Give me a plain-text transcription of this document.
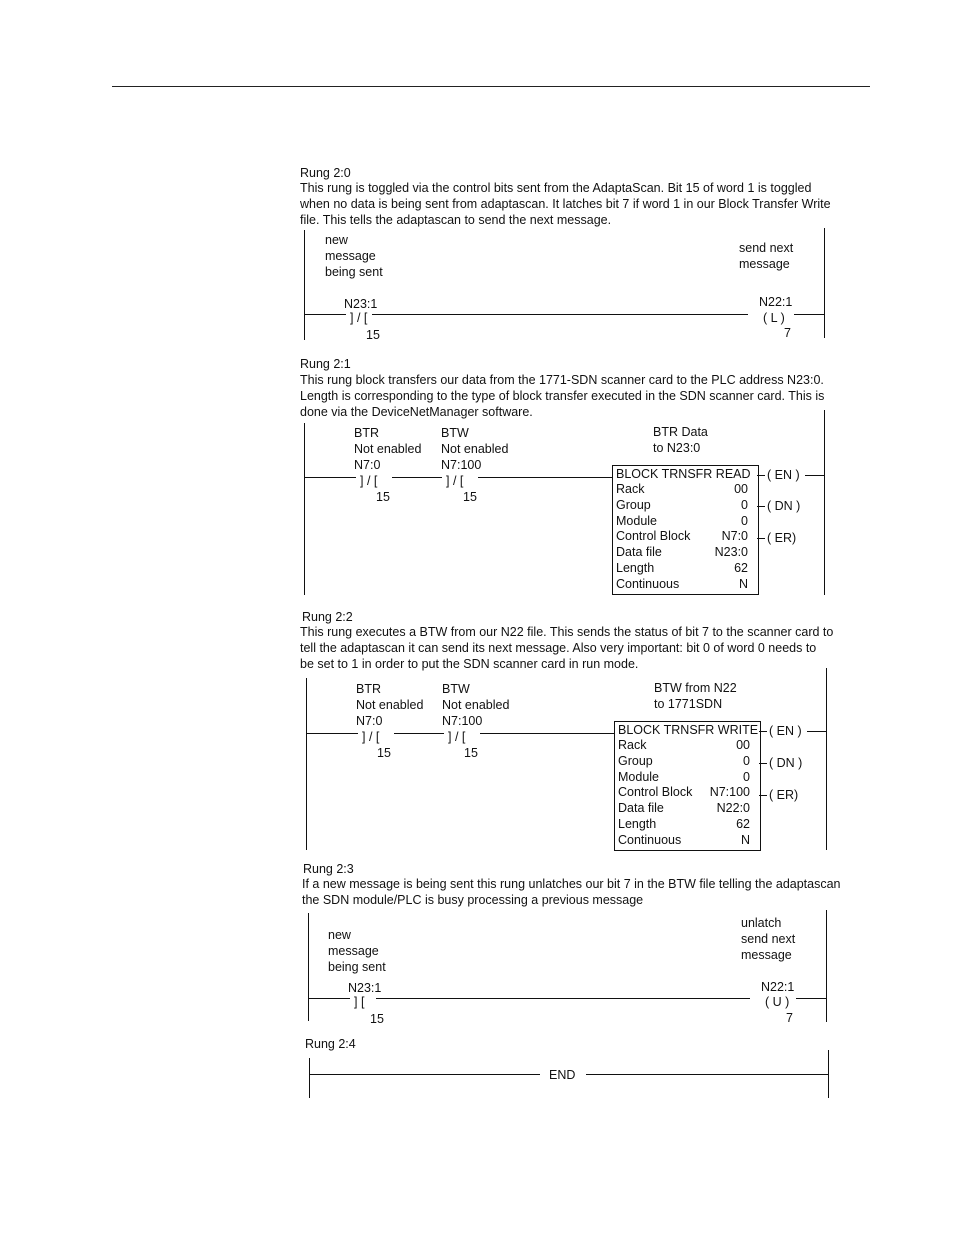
Rung 2:0
This rung is toggled via the control bits sent from the AdaptaScan. Bit 15 of word 1 is toggled
when no data is being sent from adaptascan. It latches bit 7 if word 1 in our Block Transfer Write
file. This tells the adaptascan to send the next message.
new
message
being sent
send next
message
N23:1	N22:1
] / [	( L )
15	7
Rung 2:1
This rung block transfers our data from the 1771-SDN scanner card to the PLC address N23:0.
Length is corresponding to the type of block transfer executed in the SDN scanner card. This is
done via the DeviceNetManager software.
BTR
Not enabled
N7:0
BTW
Not enabled
N7:100
BTR Data
to N23:0
] / [	] / [
15	15
BLOCK TRNSFR READ
Rack	00
Group	0
Module	0
Control Block	N7:0
Data file	N23:0
Length	62
Continuous	N
( EN )
( DN )
( ER)
Rung 2:2
This rung executes a BTW from our N22 file. This sends the status of bit 7 to the scanner card to
tell the adaptascan it can send its next message. Also very important: bit 0 of word 0 needs to
be set to 1 in order to put the SDN scanner card in run mode.
BTR
Not enabled
N7:0
BTW
Not enabled
N7:100
BTW from N22
to 1771SDN
] / [	] / [
15	15
BLOCK TRNSFR WRITE
Rack	00
Group	0
Module	0
Control Block N7:100
Data file	N22:0
Length	62
Continuous	N
( EN )
( DN )
( ER)
Rung 2:3
If a new message is being sent this rung unlatches our bit 7 in the BTW file telling the adaptascan
the SDN module/PLC is busy processing a previous message
new
message
being sent
unlatch
send next
message
N23:1	N22:1
] [	( U )
15	7
Rung 2:4
END
